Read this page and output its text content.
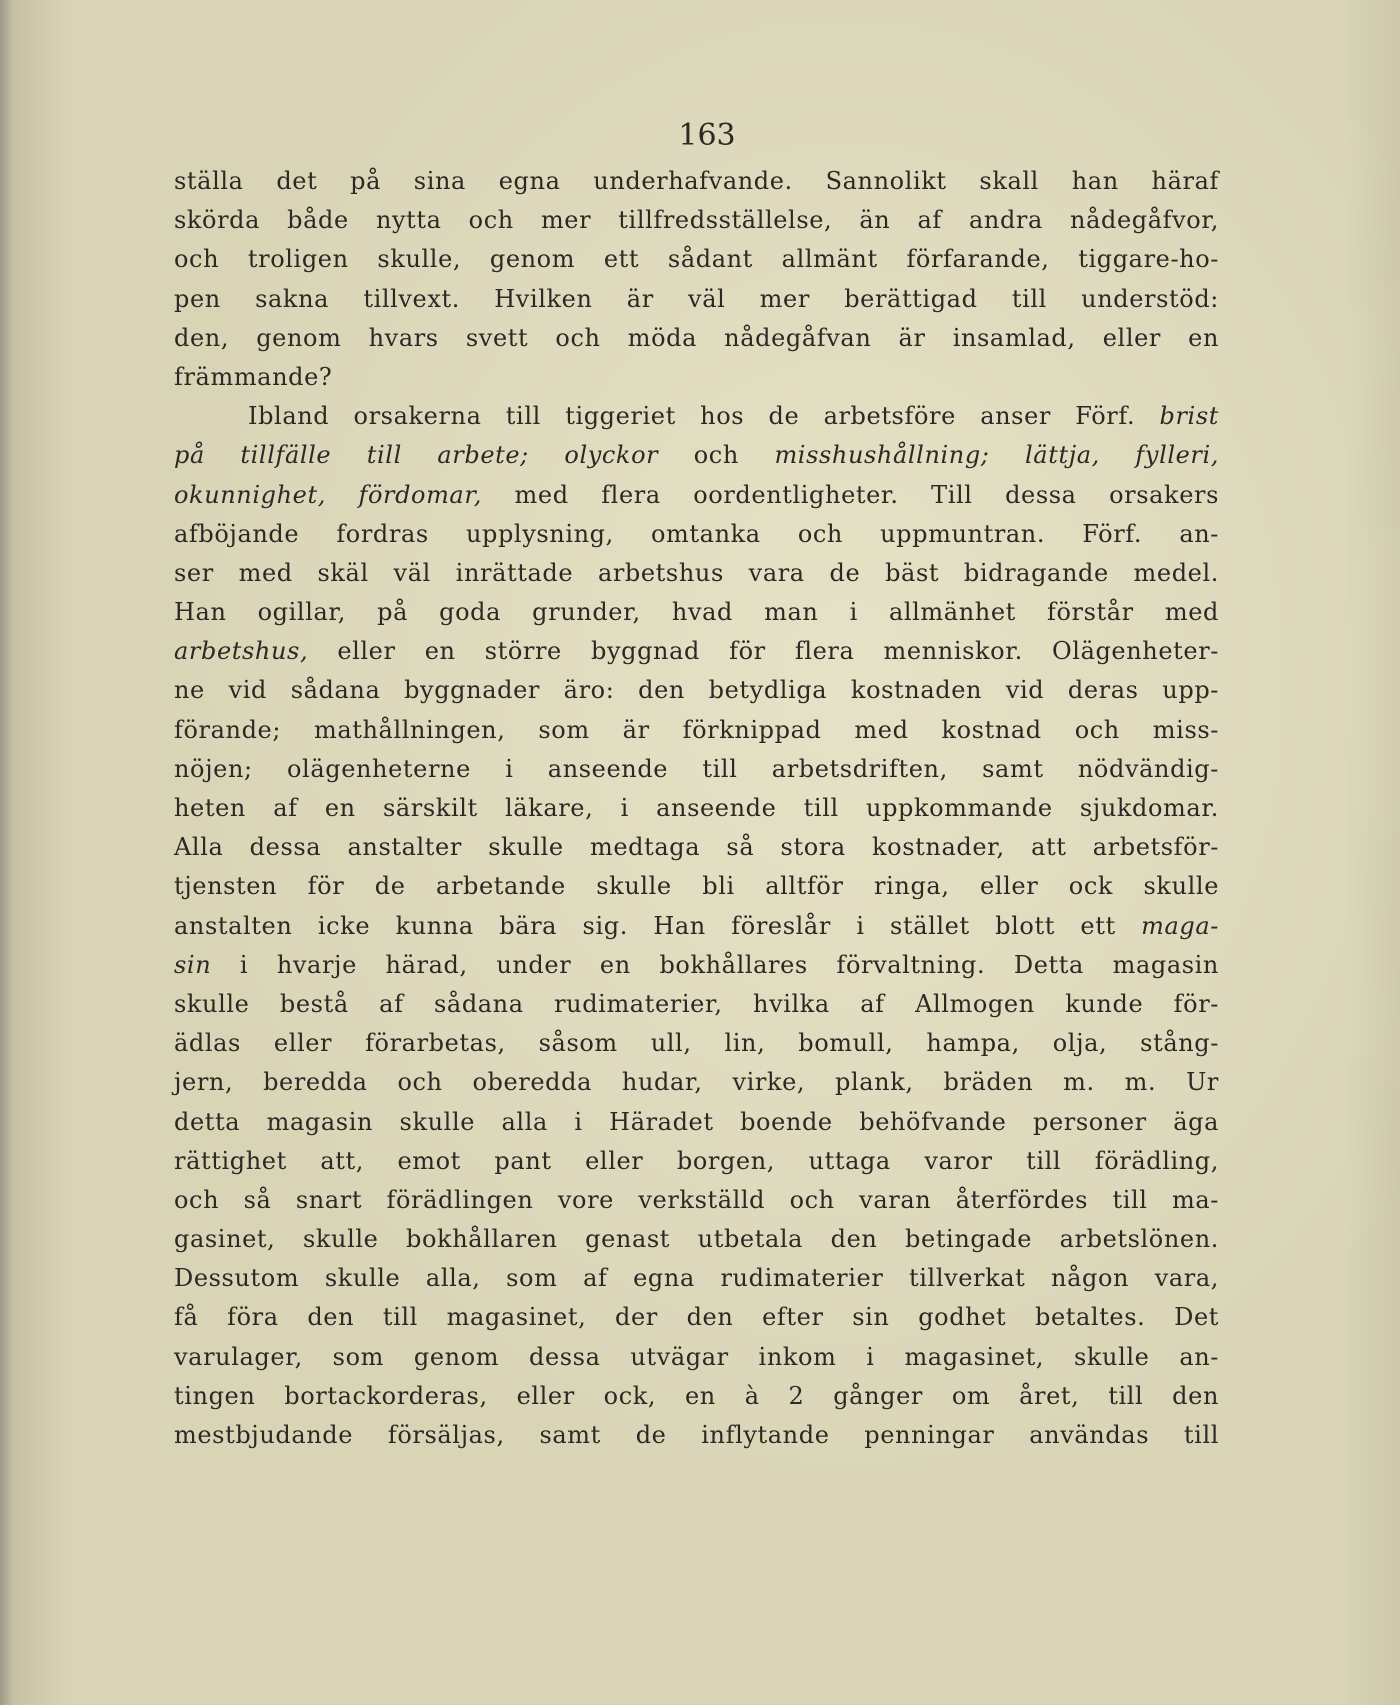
163
ställa det på sina egna underhafvande. Sannolikt skall han häraf
skörda både nytta och mer tillfredsställelse, än af andra nådegåfvor,
och troligen skulle, genom ett sådant allmänt förfarande, tiggare-ho-
pen sakna tillvext. Hvilken är väl mer berättigad till understöd:
den, genom hvars svett och möda nådegåfvan är insamlad, eller en
främmande?
Ibland orsakerna till tiggeriet hos de arbetsföre anser Förf. brist
på tillfälle till arbete; olyckor och misshushållning; lättja, fylleri,
okunnighet, fördomar, med flera oordentligheter. Till dessa orsakers
afböjande fordras upplysning, omtanka och uppmuntran. Förf. an-
ser med skäl väl inrättade arbetshus vara de bäst bidragande medel.
Han ogillar, på goda grunder, hvad man i allmänhet förstår med
arbetshus, eller en större byggnad för flera menniskor. Olägenheter-
ne vid sådana byggnader äro: den betydliga kostnaden vid deras upp-
förande; mathållningen, som är förknippad med kostnad och miss-
nöjen; olägenheterne i anseende till arbetsdriften, samt nödvändig-
heten af en särskilt läkare, i anseende till uppkommande sjukdomar.
Alla dessa anstalter skulle medtaga så stora kostnader, att arbetsför-
tjensten för de arbetande skulle bli alltför ringa, eller ock skulle
anstalten icke kunna bära sig. Han föreslår i stället blott ett maga-
sin i hvarje härad, under en bokhållares förvaltning. Detta magasin
skulle bestå af sådana rudimaterier, hvilka af Allmogen kunde för-
ädlas eller förarbetas, såsom ull, lin, bomull, hampa, olja, stång-
jern, beredda och oberedda hudar, virke, plank, bräden m. m. Ur
detta magasin skulle alla i Häradet boende behöfvande personer äga
rättighet att, emot pant eller borgen, uttaga varor till förädling,
och så snart förädlingen vore verkställd och varan återfördes till ma-
gasinet, skulle bokhållaren genast utbetala den betingade arbetslönen.
Dessutom skulle alla, som af egna rudimaterier tillverkat någon vara,
få föra den till magasinet, der den efter sin godhet betaltes. Det
varulager, som genom dessa utvägar inkom i magasinet, skulle an-
tingen bortackorderas, eller ock, en à 2 gånger om året, till den
mestbjudande försäljas, samt de inflytande penningar användas till
